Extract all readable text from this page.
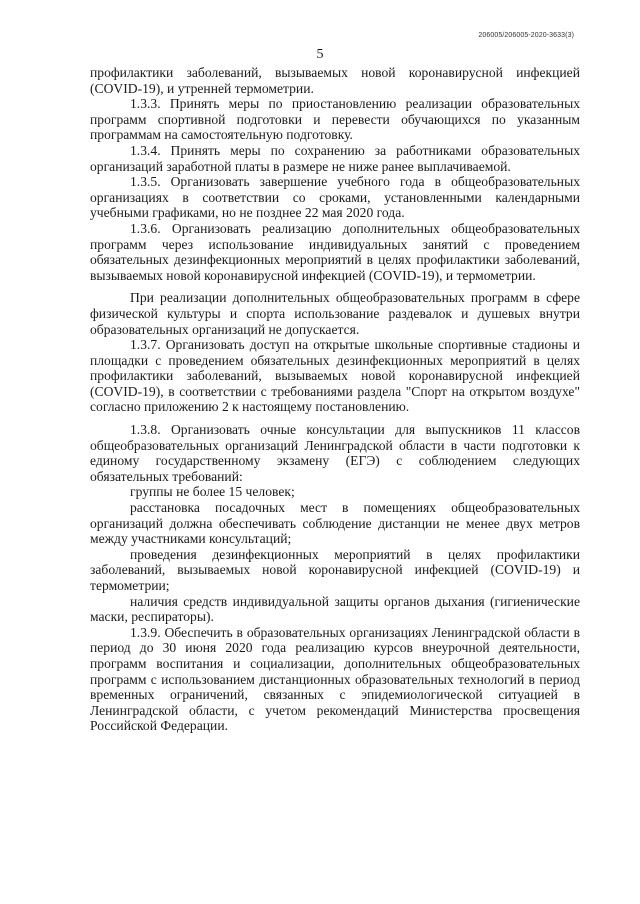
206005/206005-2020-3633(3)
5

профилактики заболеваний, вызываемых новой коронавирусной инфекцией (COVID-19), и утренней термометрии.

1.3.3. Принять меры по приостановлению реализации образовательных программ спортивной подготовки и перевести обучающихся по указанным программам на самостоятельную подготовку.

1.3.4. Принять меры по сохранению за работниками образовательных организаций заработной платы в размере не ниже ранее выплачиваемой.

1.3.5. Организовать завершение учебного года в общеобразовательных организациях в соответствии со сроками, установленными календарными учебными графиками, но не позднее 22 мая 2020 года.

1.3.6. Организовать реализацию дополнительных общеобразовательных программ через использование индивидуальных занятий с проведением обязательных дезинфекционных мероприятий в целях профилактики заболеваний, вызываемых новой коронавирусной инфекцией (COVID-19), и термометрии.

При реализации дополнительных общеобразовательных программ в сфере физической культуры и спорта использование раздевалок и душевых внутри образовательных организаций не допускается.

1.3.7. Организовать доступ на открытые школьные спортивные стадионы и площадки с проведением обязательных дезинфекционных мероприятий в целях профилактики заболеваний, вызываемых новой коронавирусной инфекцией (COVID-19), в соответствии с требованиями раздела "Спорт на открытом воздухе" согласно приложению 2 к настоящему постановлению.

1.3.8. Организовать очные консультации для выпускников 11 классов общеобразовательных организаций Ленинградской области в части подготовки к единому государственному экзамену (ЕГЭ) с соблюдением следующих обязательных требований:

группы не более 15 человек;

расстановка посадочных мест в помещениях общеобразовательных организаций должна обеспечивать соблюдение дистанции не менее двух метров между участниками консультаций;

проведения дезинфекционных мероприятий в целях профилактики заболеваний, вызываемых новой коронавирусной инфекцией (COVID-19) и термометрии;

наличия средств индивидуальной защиты органов дыхания (гигиенические маски, респираторы).

1.3.9. Обеспечить в образовательных организациях Ленинградской области в период до 30 июня 2020 года реализацию курсов внеурочной деятельности, программ воспитания и социализации, дополнительных общеобразовательных программ с использованием дистанционных образовательных технологий в период временных ограничений, связанных с эпидемиологической ситуацией в Ленинградской области, с учетом рекомендаций Министерства просвещения Российской Федерации.
